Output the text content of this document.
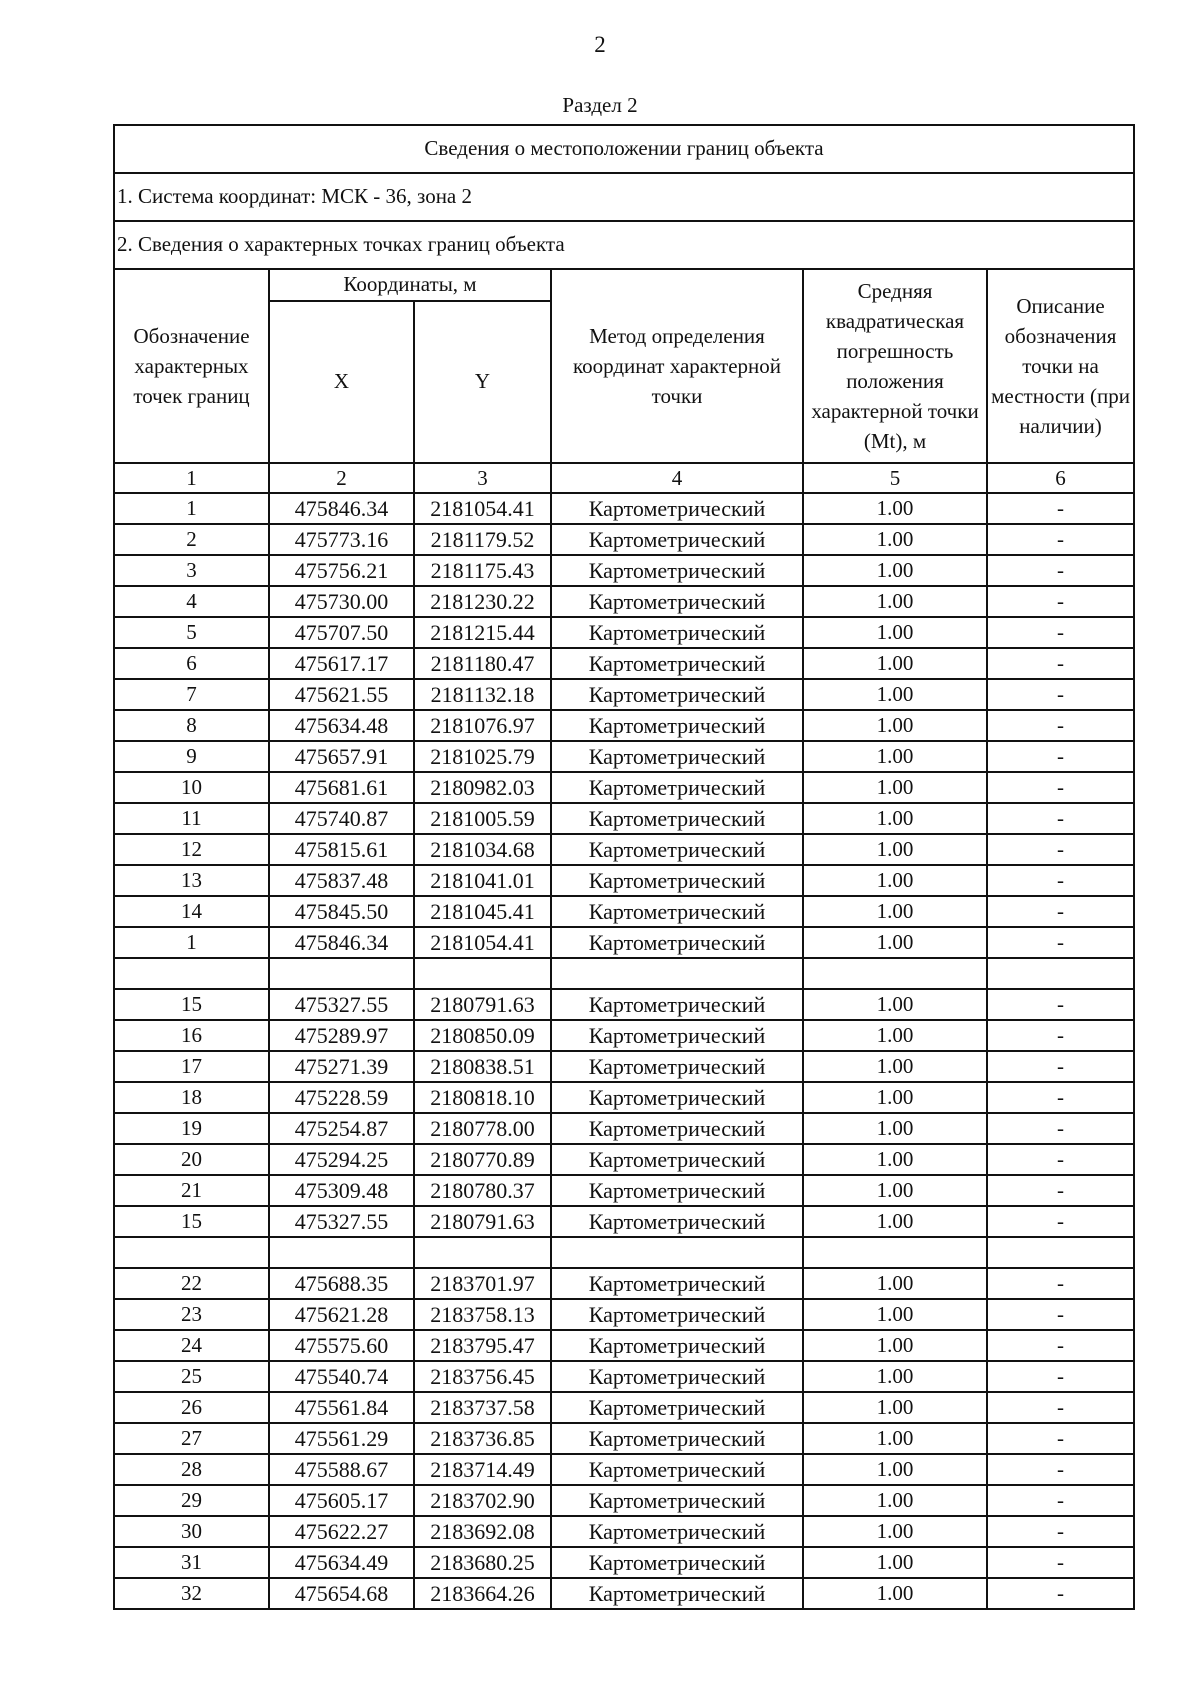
2
Раздел 2
Сведения о местоположении границ объекта					
1. Система координат: МСК - 36, зона 2					
2. Сведения о характерных точках границ объекта					
Обозначение характерных точек границ	Координаты, м		Метод определения координат характерной точки	Средняя квадратическая погрешность положения характерной точки (Mt), м	Описание обозначения точки на местности (при наличии)
	X	Y			
1	2	3	4	5	6
1	475846.34	2181054.41	Картометрический	1.00	-
2	475773.16	2181179.52	Картометрический	1.00	-
3	475756.21	2181175.43	Картометрический	1.00	-
4	475730.00	2181230.22	Картометрический	1.00	-
5	475707.50	2181215.44	Картометрический	1.00	-
6	475617.17	2181180.47	Картометрический	1.00	-
7	475621.55	2181132.18	Картометрический	1.00	-
8	475634.48	2181076.97	Картометрический	1.00	-
9	475657.91	2181025.79	Картометрический	1.00	-
10	475681.61	2180982.03	Картометрический	1.00	-
11	475740.87	2181005.59	Картометрический	1.00	-
12	475815.61	2181034.68	Картометрический	1.00	-
13	475837.48	2181041.01	Картометрический	1.00	-
14	475845.50	2181045.41	Картометрический	1.00	-
1	475846.34	2181054.41	Картометрический	1.00	-

15	475327.55	2180791.63	Картометрический	1.00	-
16	475289.97	2180850.09	Картометрический	1.00	-
17	475271.39	2180838.51	Картометрический	1.00	-
18	475228.59	2180818.10	Картометрический	1.00	-
19	475254.87	2180778.00	Картометрический	1.00	-
20	475294.25	2180770.89	Картометрический	1.00	-
21	475309.48	2180780.37	Картометрический	1.00	-
15	475327.55	2180791.63	Картометрический	1.00	-

22	475688.35	2183701.97	Картометрический	1.00	-
23	475621.28	2183758.13	Картометрический	1.00	-
24	475575.60	2183795.47	Картометрический	1.00	-
25	475540.74	2183756.45	Картометрический	1.00	-
26	475561.84	2183737.58	Картометрический	1.00	-
27	475561.29	2183736.85	Картометрический	1.00	-
28	475588.67	2183714.49	Картометрический	1.00	-
29	475605.17	2183702.90	Картометрический	1.00	-
30	475622.27	2183692.08	Картометрический	1.00	-
31	475634.49	2183680.25	Картометрический	1.00	-
32	475654.68	2183664.26	Картометрический	1.00	-
